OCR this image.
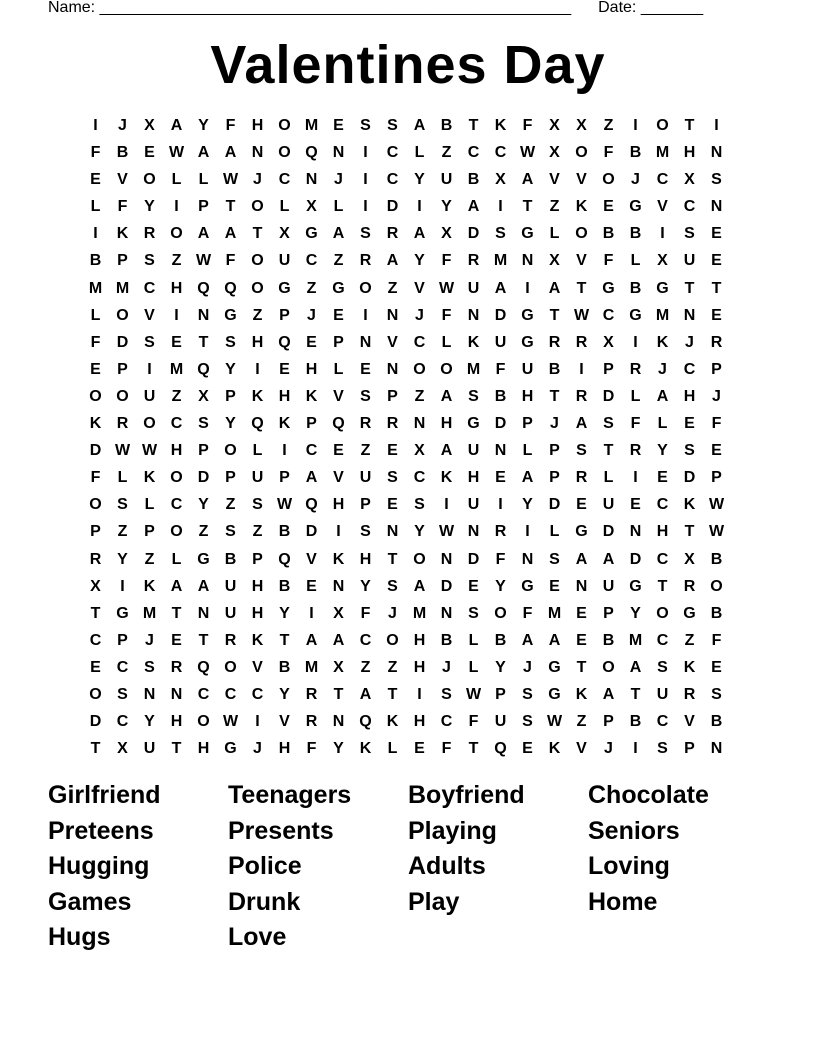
Name: _____________________________________________________ Date: _______
Valentines Day
I	J	X A Y	F	H O M E	S	S A B	T	K	F	X	X	Z	I	O T	I
F	B E W A A N O Q N	I	C	L	Z	C C W X O F	B M H N
E	V O L	L W J	C N	J	I	C Y U B X A V	V O	J	C X	S
L	F	Y	I	P	T O L	X	L	I	D	I	Y A	I	T	Z	K E G V C N
I	K R O A A	T	X G A S R A X D S G L O B B	I	S	E
B P	S	Z W F O U C	Z	R A Y	F	R M N X	V	F	L	X U E
M M C H Q Q O G Z G O Z	V W U A	I	A	T G B G T	T
L O V	I	N G Z	P	J	E	I	N	J	F	N D G T W C G M N E
F	D S	E	T	S H Q E	P N V C	L	K U G R R X	I	K	J	R
E	P	I	M Q Y	I	E H	L	E N O O M F	U B	I	P R	J	C P
O O U	Z	X	P K H K V	S	P	Z	A S B H	T	R D	L	A H	J
K R O C S	Y Q K P Q R R N H G D P	J	A S	F	L	E	F
D W W H P O L	I	C E	Z	E	X A U N	L	P	S	T	R Y	S	E
F	L	K O D P U P A V U S C K H E A P R	L	I	E D P
O S	L	C Y	Z	S W Q H P	E	S	I	U	I	Y D E U E C K W
P	Z	P O Z	S	Z	B D	I	S N Y W N R	I	L G D N H	T W
R Y	Z	L G B P Q V K H	T O N D	F	N S A A D C X B
X	I	K A A U H B E N Y	S A D E	Y G E N U G T	R O
T G M T	N U H Y	I	X	F	J M N S O F M E	P	Y O G B
C P	J	E	T	R K	T	A A C O H B	L	B A A E B M C	Z	F
E C S R Q O V B M X	Z	Z	H	J	L	Y	J	G T O A S K E
O S N N C C C Y R	T	A	T	I	S W P	S G K A	T	U R S
D C Y H O W	I	V R N Q K H C	F	U S W Z	P B C V B
T	X U	T	H G	J	H	F	Y K	L	E	F	T Q E K V	J	I	S	P N
Girlfriend	Teenagers	Boyfriend	Chocolate
Preteens	Presents	Playing	Seniors
Hugging	Police	Adults	Loving
Games	Drunk	Play	Home
Hugs	Love
